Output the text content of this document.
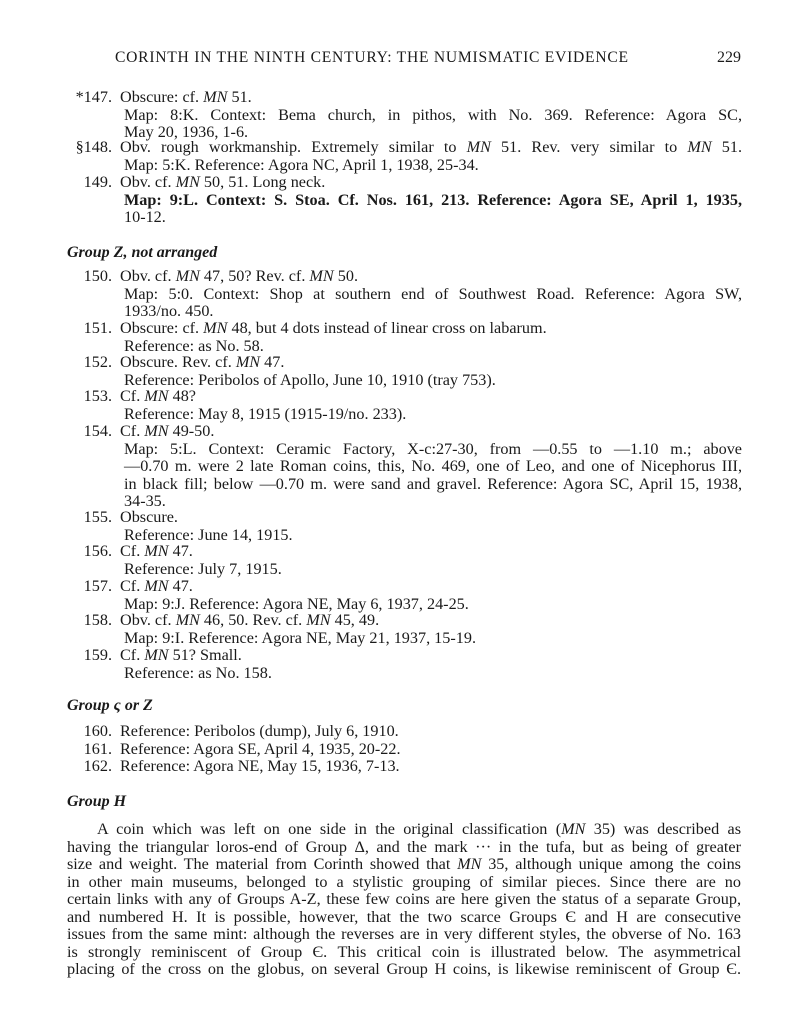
CORINTH IN THE NINTH CENTURY: THE NUMISMATIC EVIDENCE	229
*147. Obscure: cf. MN 51.
Map: 8:K. Context: Bema church, in pithos, with No. 369. Reference: Agora SC,
May 20, 1936, 1-6.
§148. Obv. rough workmanship. Extremely similar to MN 51. Rev. very similar to MN 51.
Map: 5:K. Reference: Agora NC, April 1, 1938, 25-34.
149. Obv. cf. MN 50, 51. Long neck.
Map: 9:L. Context: S. Stoa. Cf. Nos. 161, 213. Reference: Agora SE, April 1, 1935,
10-12.
Group Z, not arranged
150. Obv. cf. MN 47, 50? Rev. cf. MN 50.
Map: 5:0. Context: Shop at southern end of Southwest Road. Reference: Agora SW,
1933/no. 450.
151. Obscure: cf. MN 48, but 4 dots instead of linear cross on labarum.
Reference: as No. 58.
152. Obscure. Rev. cf. MN 47.
Reference: Peribolos of Apollo, June 10, 1910 (tray 753).
153. Cf. MN 48?
Reference: May 8, 1915 (1915-19/no. 233).
154. Cf. MN 49-50.
Map: 5:L. Context: Ceramic Factory, X-c:27-30, from —0.55 to —1.10 m.; above
—0.70 m. were 2 late Roman coins, this, No. 469, one of Leo, and one of Nicephorus III,
in black fill; below —0.70 m. were sand and gravel. Reference: Agora SC, April 15, 1938,
34-35.
155. Obscure.
Reference: June 14, 1915.
156. Cf. MN 47.
Reference: July 7, 1915.
157. Cf. MN 47.
Map: 9:J. Reference: Agora NE, May 6, 1937, 24-25.
158. Obv. cf. MN 46, 50. Rev. cf. MN 45, 49.
Map: 9:I. Reference: Agora NE, May 21, 1937, 15-19.
159. Cf. MN 51? Small.
Reference: as No. 158.
Group ς or Z
160. Reference: Peribolos (dump), July 6, 1910.
161. Reference: Agora SE, April 4, 1935, 20-22.
162. Reference: Agora NE, May 15, 1936, 7-13.
Group H
A coin which was left on one side in the original classification (MN 35) was described as
having the triangular loros-end of Group Δ, and the mark ··· in the tufa, but as being of greater
size and weight. The material from Corinth showed that MN 35, although unique among the coins
in other main museums, belonged to a stylistic grouping of similar pieces. Since there are no
certain links with any of Groups A-Z, these few coins are here given the status of a separate Group,
and numbered H. It is possible, however, that the two scarce Groups Є and H are consecutive
issues from the same mint: although the reverses are in very different styles, the obverse of No. 163
is strongly reminiscent of Group Є. This critical coin is illustrated below. The asymmetrical
placing of the cross on the globus, on several Group H coins, is likewise reminiscent of Group Є.
